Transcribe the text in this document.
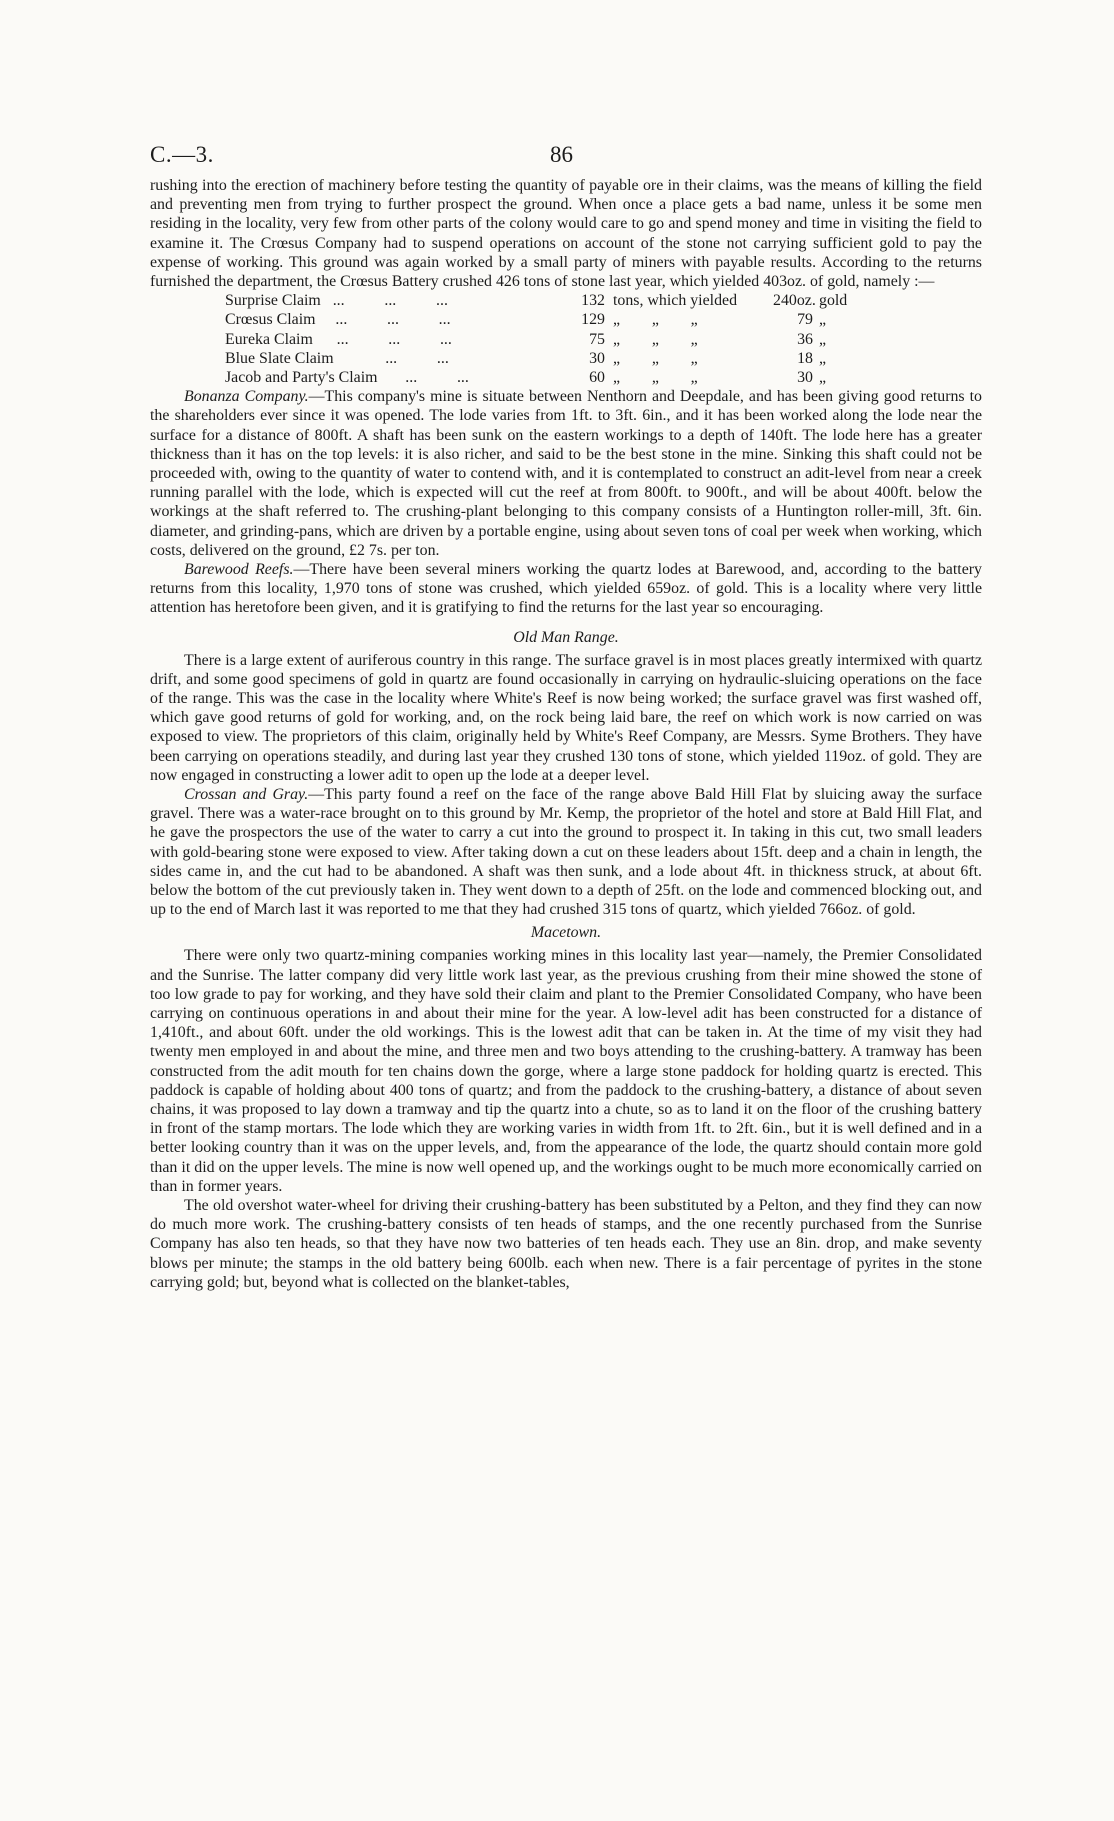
C.—3.	86

rushing into the erection of machinery before testing the quantity of payable ore in their claims, was the means of killing the field and preventing men from trying to further prospect the ground. When once a place gets a bad name, unless it be some men residing in the locality, very few from other parts of the colony would care to go and spend money and time in visiting the field to examine it. The Crœsus Company had to suspend operations on account of the stone not carrying sufficient gold to pay the expense of working. This ground was again worked by a small party of miners with payable results. According to the returns furnished the department, the Crœsus Battery crushed 426 tons of stone last year, which yielded 403oz. of gold, namely :—

Surprise Claim ...          ...          ...	132 tons, which yielded	240oz. gold
Crœsus Claim ...          ...          ...	129 „        „        „	79 „
Eureka Claim ...          ...          ...	75 „        „        „	36 „
Blue Slate Claim             ...          ...	30 „        „        „	18 „
Jacob and Party's Claim       ...          ...	60 „        „        „	30 „

Bonanza Company.—This company's mine is situate between Nenthorn and Deepdale, and has been giving good returns to the shareholders ever since it was opened. The lode varies from 1ft. to 3ft. 6in., and it has been worked along the lode near the surface for a distance of 800ft. A shaft has been sunk on the eastern workings to a depth of 140ft. The lode here has a greater thickness than it has on the top levels: it is also richer, and said to be the best stone in the mine. Sinking this shaft could not be proceeded with, owing to the quantity of water to contend with, and it is contemplated to construct an adit-level from near a creek running parallel with the lode, which is expected will cut the reef at from 800ft. to 900ft., and will be about 400ft. below the workings at the shaft referred to. The crushing-plant belonging to this company consists of a Huntington roller-mill, 3ft. 6in. diameter, and grinding-pans, which are driven by a portable engine, using about seven tons of coal per week when working, which costs, delivered on the ground, £2 7s. per ton.

Barewood Reefs.—There have been several miners working the quartz lodes at Barewood, and, according to the battery returns from this locality, 1,970 tons of stone was crushed, which yielded 659oz. of gold. This is a locality where very little attention has heretofore been given, and it is gratifying to find the returns for the last year so encouraging.

Old Man Range.

There is a large extent of auriferous country in this range. The surface gravel is in most places greatly intermixed with quartz drift, and some good specimens of gold in quartz are found occasionally in carrying on hydraulic-sluicing operations on the face of the range. This was the case in the locality where White's Reef is now being worked; the surface gravel was first washed off, which gave good returns of gold for working, and, on the rock being laid bare, the reef on which work is now carried on was exposed to view. The proprietors of this claim, originally held by White's Reef Company, are Messrs. Syme Brothers. They have been carrying on operations steadily, and during last year they crushed 130 tons of stone, which yielded 119oz. of gold. They are now engaged in constructing a lower adit to open up the lode at a deeper level.

Crossan and Gray.—This party found a reef on the face of the range above Bald Hill Flat by sluicing away the surface gravel. There was a water-race brought on to this ground by Mr. Kemp, the proprietor of the hotel and store at Bald Hill Flat, and he gave the prospectors the use of the water to carry a cut into the ground to prospect it. In taking in this cut, two small leaders with gold-bearing stone were exposed to view. After taking down a cut on these leaders about 15ft. deep and a chain in length, the sides came in, and the cut had to be abandoned. A shaft was then sunk, and a lode about 4ft. in thickness struck, at about 6ft. below the bottom of the cut previously taken in. They went down to a depth of 25ft. on the lode and commenced blocking out, and up to the end of March last it was reported to me that they had crushed 315 tons of quartz, which yielded 766oz. of gold.

Macetown.

There were only two quartz-mining companies working mines in this locality last year—namely, the Premier Consolidated and the Sunrise. The latter company did very little work last year, as the previous crushing from their mine showed the stone of too low grade to pay for working, and they have sold their claim and plant to the Premier Consolidated Company, who have been carrying on continuous operations in and about their mine for the year. A low-level adit has been constructed for a distance of 1,410ft., and about 60ft. under the old workings. This is the lowest adit that can be taken in. At the time of my visit they had twenty men employed in and about the mine, and three men and two boys attending to the crushing-battery. A tramway has been constructed from the adit mouth for ten chains down the gorge, where a large stone paddock for holding quartz is erected. This paddock is capable of holding about 400 tons of quartz; and from the paddock to the crushing-battery, a distance of about seven chains, it was proposed to lay down a tramway and tip the quartz into a chute, so as to land it on the floor of the crushing battery in front of the stamp mortars. The lode which they are working varies in width from 1ft. to 2ft. 6in., but it is well defined and in a better looking country than it was on the upper levels, and, from the appearance of the lode, the quartz should contain more gold than it did on the upper levels. The mine is now well opened up, and the workings ought to be much more economically carried on than in former years.

The old overshot water-wheel for driving their crushing-battery has been substituted by a Pelton, and they find they can now do much more work. The crushing-battery consists of ten heads of stamps, and the one recently purchased from the Sunrise Company has also ten heads, so that they have now two batteries of ten heads each. They use an 8in. drop, and make seventy blows per minute; the stamps in the old battery being 600lb. each when new. There is a fair percentage of pyrites in the stone carrying gold; but, beyond what is collected on the blanket-tables,
